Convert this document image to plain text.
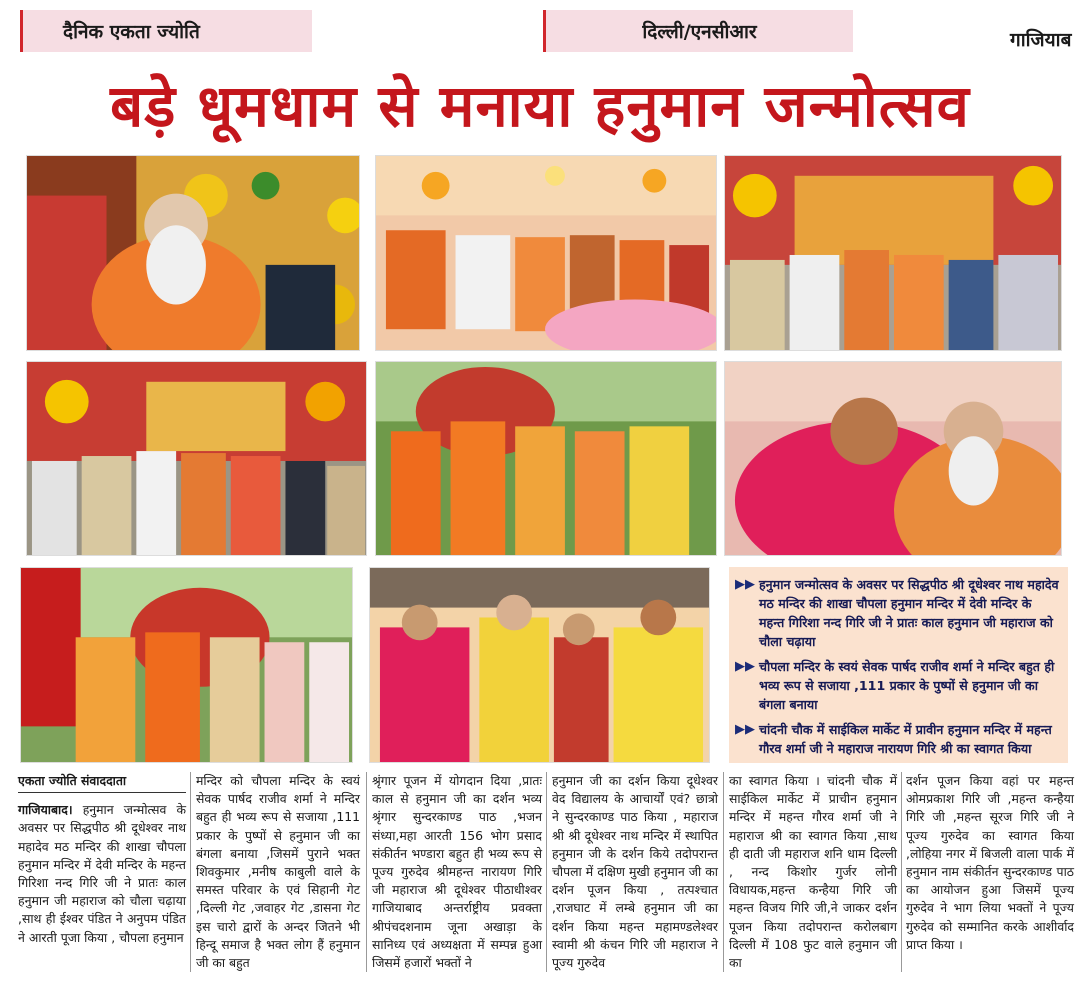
दैनिक एकता ज्योति	दिल्ली/एनसीआर	गाजियाब
बड़े धूमधाम से मनाया हनुमान जन्मोत्सव
▶▶ हनुमान जन्मोत्सव के अवसर पर सिद्धपीठ श्री दूधेश्वर नाथ महादेव मठ मन्दिर की शाखा चौपला हनुमान मन्दिर में देवी मन्दिर के महन्त गिरिशा नन्द गिरि जी ने प्रातः काल हनुमान जी महाराज को चौला चढ़ाया

▶▶ चौपला मन्दिर के स्वयं सेवक पार्षद राजीव शर्मा ने मन्दिर बहुत ही भव्य रूप से सजाया ,111 प्रकार के पुष्पों से हनुमान जी का बंगला बनाया

▶▶ चांदनी चौक में साईकिल मार्केट में प्रावीन हनुमान मन्दिर में महन्त गौरव शर्मा जी ने महाराज नारायण गिरि श्री का स्वागत किया

एकता ज्योति संवाददाता

गाजियाबाद। हनुमान जन्मोत्सव के अवसर पर सिद्धपीठ श्री दूधेश्वर नाथ महादेव मठ मन्दिर की शाखा चौपला हनुमान मन्दिर में देवी मन्दिर के महन्त गिरिशा नन्द गिरि जी ने प्रातः काल हनुमान जी महाराज को चौला चढ़ाया ,साथ ही ईश्वर पंडित ने अनुपम पंडित ने आरती पूजा किया , चौपला हनुमान

मन्दिर को चौपला मन्दिर के स्वयं सेवक पार्षद राजीव शर्मा ने मन्दिर बहुत ही भव्य रूप से सजाया ,111 प्रकार के पुष्पों से हनुमान जी का बंगला बनाया ,जिसमें पुराने भक्त शिवकुमार ,मनीष काबुली वाले के समस्त परिवार के एवं सिहानी गेट ,दिल्ली गेट ,जवाहर गेट ,डासना गेट इस चारो द्वारों के अन्दर जितने भी हिन्दू समाज है भक्त लोग हैं हनुमान जी का बहुत

श्रृंगार पूजन में योगदान दिया ,प्रातः काल से हनुमान जी का दर्शन भव्य श्रृंगार सुन्दरकाण्ड पाठ ,भजन संध्या,महा आरती 156 भोग प्रसाद संकीर्तन भण्डारा बहुत ही भव्य रूप से पूज्य गुरुदेव श्रीमहन्त नारायण गिरि जी महाराज श्री दूधेश्वर पीठाधीश्वर गाजियाबाद अन्तर्राष्ट्रीय प्रवक्ता श्रीपंचदशनाम जूना अखाड़ा के सानिध्य एवं अध्यक्षता में सम्पन्न हुआ जिसमें हजारों भक्तों ने

हनुमान जी का दर्शन किया दूधेश्वर वेद विद्यालय के आचार्यों एवं? छात्रो ने सुन्दरकाण्ड पाठ किया , महाराज श्री श्री दूधेश्वर नाथ मन्दिर में स्थापित हनुमान जी के दर्शन किये तदोपरान्त चौपला में दक्षिण मुखी हनुमान जी का दर्शन पूजन किया , तत्पश्चात ,राजघाट में लम्बे हनुमान जी का दर्शन किया महन्त महामण्डलेश्वर स्वामी श्री कंचन गिरि जी महाराज ने पूज्य गुरुदेव

का स्वागत किया । चांदनी चौक में साईकिल मार्केट में प्राचीन हनुमान मन्दिर में महन्त गौरव शर्मा जी ने महाराज श्री का स्वागत किया ,साथ ही दाती जी महाराज शनि धाम दिल्ली , नन्द किशोर गुर्जर लोनी विधायक,महन्त कन्हैया गिरि जी महन्त विजय गिरि जी,ने जाकर दर्शन पूजन किया तदोपरान्त करोलबाग दिल्ली में 108 फुट वाले हनुमान जी का

दर्शन पूजन किया वहां पर महन्त ओमप्रकाश गिरि जी ,महन्त कन्हैया गिरि जी ,महन्त सूरज गिरि जी ने पूज्य गुरुदेव का स्वागत किया ,लोहिया नगर में बिजली वाला पार्क में हनुमान नाम संकीर्तन सुन्दरकाण्ड पाठ का आयोजन हुआ जिसमें पूज्य गुरुदेव ने भाग लिया भक्तों ने पूज्य गुरुदेव को सम्मानित करके आशीर्वाद प्राप्त किया ।
